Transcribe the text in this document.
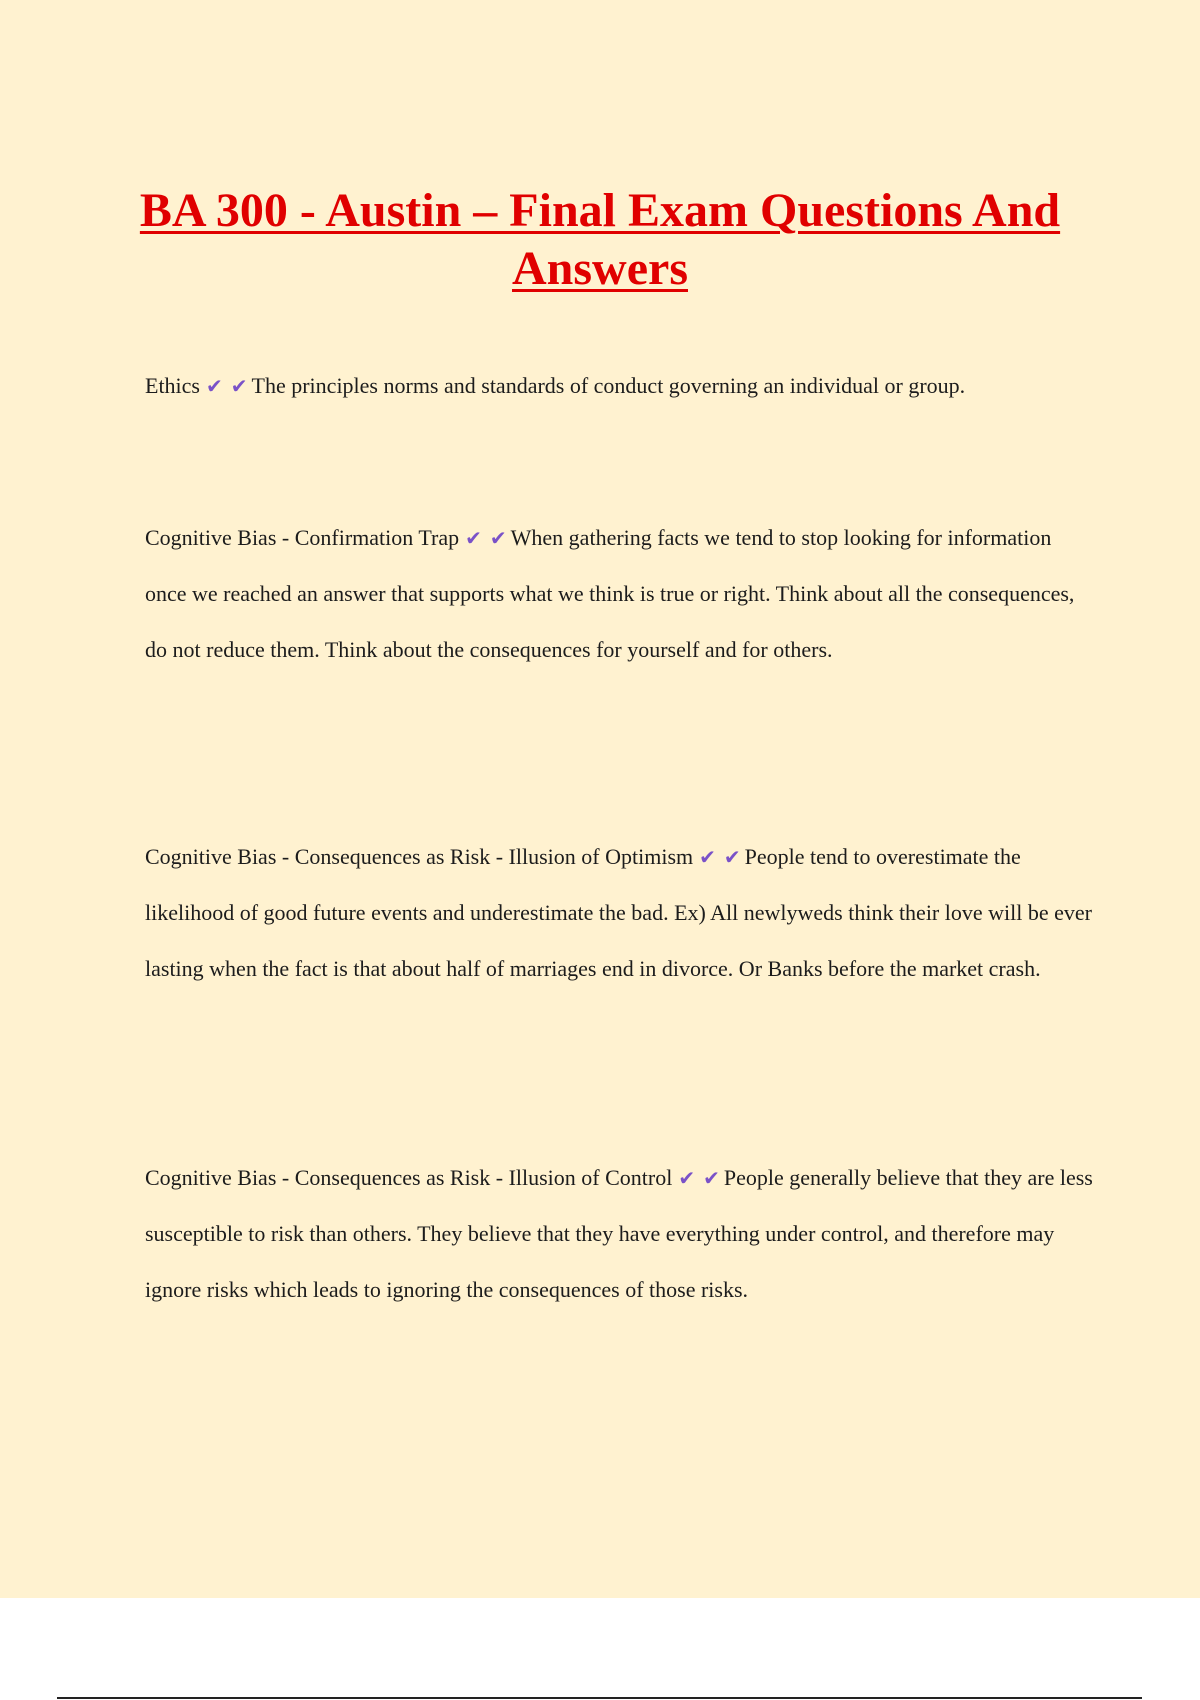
BA 300 - Austin – Final Exam Questions And Answers

Ethics ✔ ✔ The principles norms and standards of conduct governing an individual or group.

Cognitive Bias - Confirmation Trap ✔ ✔ When gathering facts we tend to stop looking for information once we reached an answer that supports what we think is true or right. Think about all the consequences, do not reduce them. Think about the consequences for yourself and for others.

Cognitive Bias - Consequences as Risk - Illusion of Optimism ✔ ✔ People tend to overestimate the likelihood of good future events and underestimate the bad. Ex) All newlyweds think their love will be ever lasting when the fact is that about half of marriages end in divorce. Or Banks before the market crash.

Cognitive Bias - Consequences as Risk - Illusion of Control ✔ ✔ People generally believe that they are less susceptible to risk than others. They believe that they have everything under control, and therefore may ignore risks which leads to ignoring the consequences of those risks.
